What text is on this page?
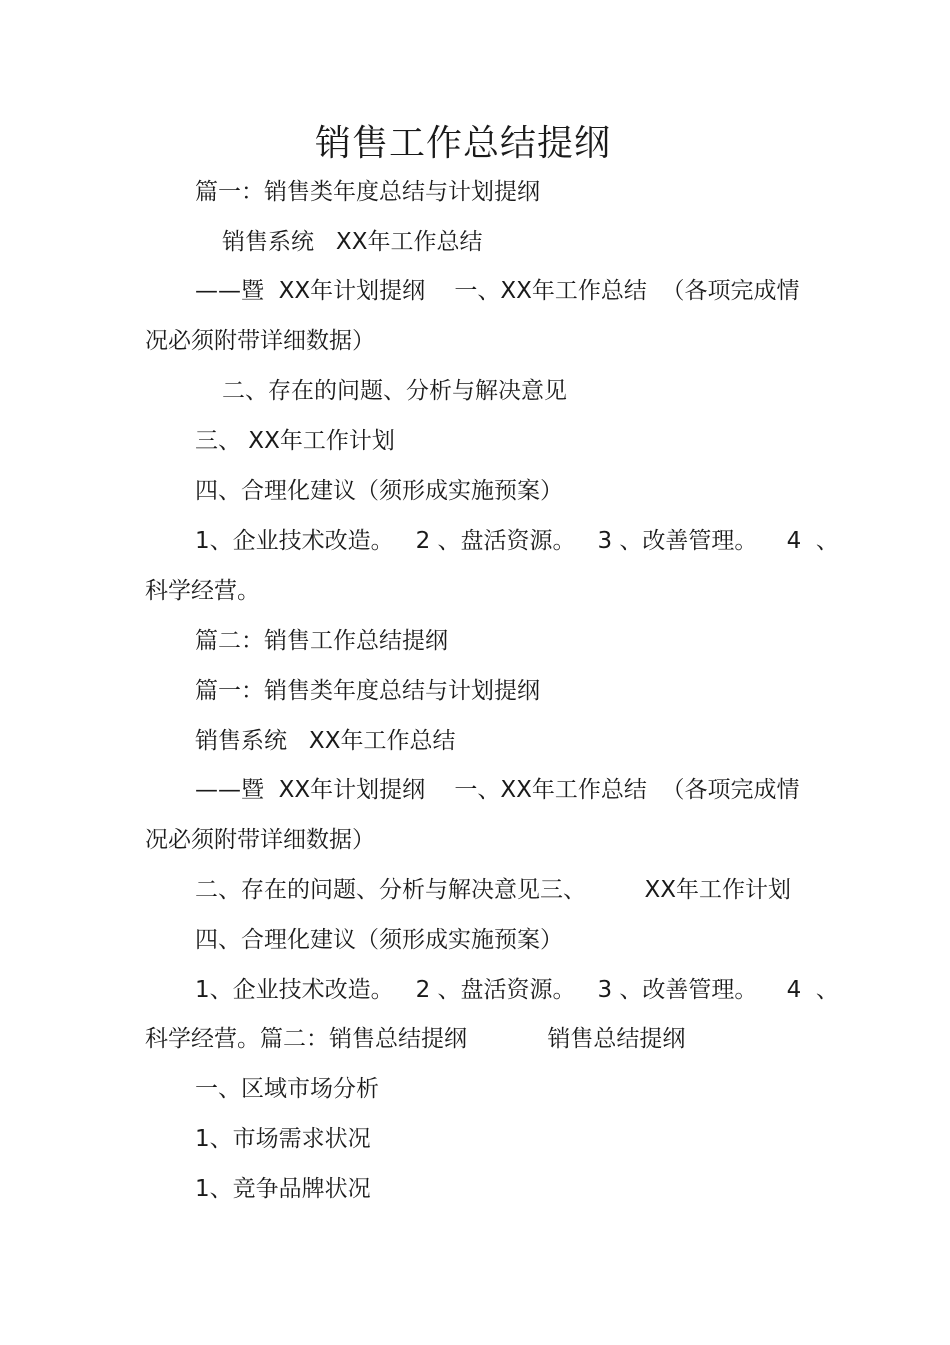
销售工作总结提纲
篇一：销售类年度总结与计划提纲
销售系统   XX年工作总结
——暨  XX年计划提纲    一、XX年工作总结  （各项完成情
况必须附带详细数据）
二、存在的问题、分析与解决意见
三、 XX年工作计划
四、合理化建议（须形成实施预案）
1、企业技术改造。   2 、盘活资源。   3 、改善管理。    4  、
科学经营。
篇二：销售工作总结提纲
篇一：销售类年度总结与计划提纲
销售系统   XX年工作总结
——暨  XX年计划提纲    一、XX年工作总结  （各项完成情
况必须附带详细数据）
二、存在的问题、分析与解决意见三、        XX年工作计划
四、合理化建议（须形成实施预案）
1、企业技术改造。   2 、盘活资源。   3 、改善管理。    4  、
科学经营。篇二：销售总结提纲           销售总结提纲
一、区域市场分析
1、市场需求状况
1、竞争品牌状况
